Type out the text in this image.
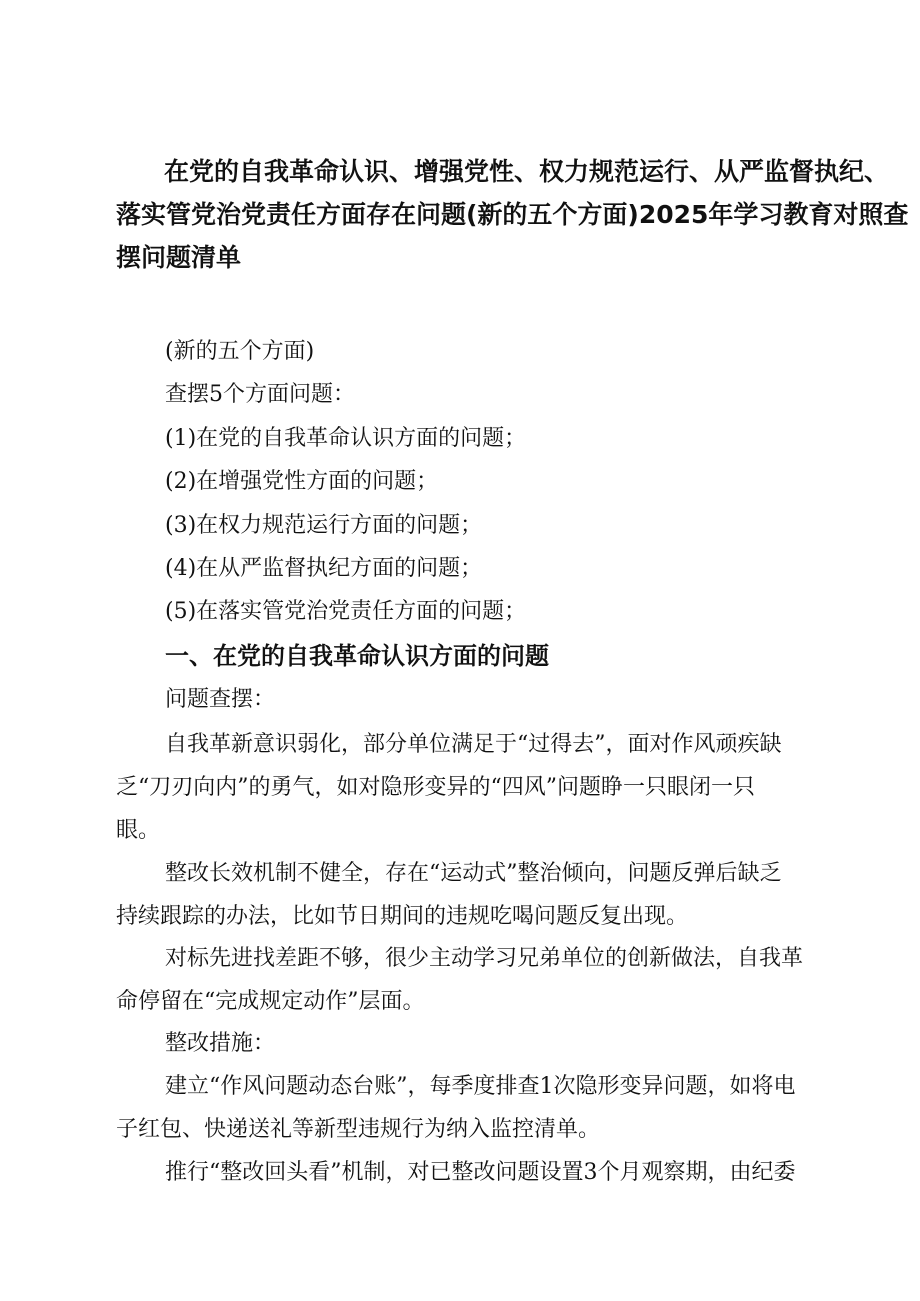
在党的自我革命认识、增强党性、权力规范运行、从严监督执纪、
落实管党治党责任方面存在问题(新的五个方面)2025年学习教育对照查
摆问题清单
(新的五个方面)
查摆5个方面问题：
(1)在党的自我革命认识方面的问题；
(2)在增强党性方面的问题；
(3)在权力规范运行方面的问题；
(4)在从严监督执纪方面的问题；
(5)在落实管党治党责任方面的问题；
一、在党的自我革命认识方面的问题
问题查摆：
自我革新意识弱化，部分单位满足于“过得去”，面对作风顽疾缺
乏“刀刃向内”的勇气，如对隐形变异的“四风”问题睁一只眼闭一只
眼。
整改长效机制不健全，存在“运动式”整治倾向，问题反弹后缺乏
持续跟踪的办法，比如节日期间的违规吃喝问题反复出现。
对标先进找差距不够，很少主动学习兄弟单位的创新做法，自我革
命停留在“完成规定动作”层面。
整改措施：
建立“作风问题动态台账”，每季度排查1次隐形变异问题，如将电
子红包、快递送礼等新型违规行为纳入监控清单。
推行“整改回头看”机制，对已整改问题设置3个月观察期，由纪委
